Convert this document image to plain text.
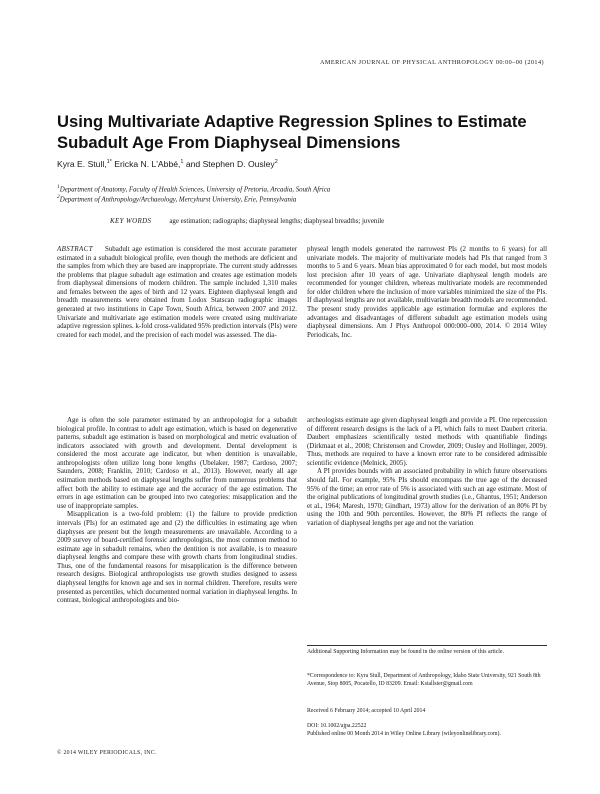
AMERICAN JOURNAL OF PHYSICAL ANTHROPOLOGY 00:00–00 (2014)
Using Multivariate Adaptive Regression Splines to Estimate Subadult Age From Diaphyseal Dimensions
Kyra E. Stull,$^{1*}$ Ericka N. L'Abbé,$^1$ and Stephen D. Ousley$^2$
$^1$Department of Anatomy, Faculty of Health Sciences, University of Pretoria, Arcadia, South Africa
$^2$Department of Anthropology/Archaeology, Mercyhurst University, Erie, Pennsylvania
KEY WORDS	age estimation; radiographs; diaphyseal lengths; diaphyseal breadths; juvenile

ABSTRACT Subadult age estimation is considered the most accurate parameter estimated in a subadult biological profile, even though the methods are deficient and the samples from which they are based are inappropriate. The current study addresses the problems that plague subadult age estimation and creates age estimation models from diaphyseal dimensions of modern children. The sample included 1,310 males and females between the ages of birth and 12 years. Eighteen diaphyseal length and breadth measurements were obtained from Lodox Statscan radiographic images generated at two institutions in Cape Town, South Africa, between 2007 and 2012. Univariate and multivariate age estimation models were created using multivariate adaptive regression splines. k-fold cross-validated 95% prediction intervals (PIs) were created for each model, and the precision of each model was assessed. The dia-

physeal length models generated the narrowest PIs (2 months to 6 years) for all univariate models. The majority of multivariate models had PIs that ranged from 3 months to 5 and 6 years. Mean bias approximated 0 for each model, but most models lost precision after 10 years of age. Univariate diaphyseal length models are recommended for younger children, whereas multivariate models are recommended for older children where the inclusion of more variables minimized the size of the PIs. If diaphyseal lengths are not available, multivariate breadth models are recommended. The present study provides applicable age estimation formulae and explores the advantages and disadvantages of different subadult age estimation models using diaphyseal dimensions. Am J Phys Anthropol 000:000–000, 2014. © 2014 Wiley Periodicals, Inc.

Age is often the sole parameter estimated by an anthropologist for a subadult biological profile. In contrast to adult age estimation, which is based on degenerative patterns, subadult age estimation is based on morphological and metric evaluation of indicators associated with growth and development. Dental development is considered the most accurate age indicator, but when dentition is unavailable, anthropologists often utilize long bone lengths (Ubelaker, 1987; Cardoso, 2007; Saunders, 2008; Franklin, 2010; Cardoso et al., 2013). However, nearly all age estimation methods based on diaphyseal lengths suffer from numerous problems that affect both the ability to estimate age and the accuracy of the age estimation. The errors in age estimation can be grouped into two categories: misapplication and the use of inappropriate samples.

Misapplication is a two-fold problem: (1) the failure to provide prediction intervals (PIs) for an estimated age and (2) the difficulties in estimating age when diaphyses are present but the length measurements are unavailable. According to a 2009 survey of board-certified forensic anthropologists, the most common method to estimate age in subadult remains, when the dentition is not available, is to measure diaphyseal lengths and compare these with growth charts from longitudinal studies. Thus, one of the fundamental reasons for misapplication is the difference between research designs. Biological anthropologists use growth studies designed to assess diaphyseal lengths for known age and sex in normal children. Therefore, results were presented as percentiles, which documented normal variation in diaphyseal lengths. In contrast, biological anthropologists and bio-

archeologists estimate age given diaphyseal length and provide a PI. One repercussion of different research designs is the lack of a PI, which fails to meet Daubert criteria. Daubert emphasizes scientifically tested methods with quantifiable findings (Dirkmaat et al., 2008; Christensen and Crowder, 2009; Ousley and Hollinger, 2009). Thus, methods are required to have a known error rate to be considered admissible scientific evidence (Melnick, 2005).

A PI provides bounds with an associated probability in which future observations should fall. For example, 95% PIs should encompass the true age of the deceased 95% of the time; an error rate of 5% is associated with such an age estimate. Most of the original publications of longitudinal growth studies (i.e., Ghantus, 1951; Anderson et al., 1964; Maresh, 1970; Gindhart, 1973) allow for the derivation of an 80% PI by using the 10th and 90th percentiles. However, the 80% PI reflects the range of variation of diaphyseal lengths per age and not the variation

Additional Supporting Information may be found in the online version of this article.

*Correspondence to: Kyra Stull, Department of Anthropology, Idaho State University, 921 South 8th Avenue, Stop 8005, Pocatello, ID 83209. Email: Kstallster@gmail.com

Received 6 February 2014; accepted 10 April 2014

DOI: 10.1002/ajpa.22522

Published online 00 Month 2014 in Wiley Online Library (wileyonlinelibrary.com).

© 2014 WILEY PERIODICALS, INC.
